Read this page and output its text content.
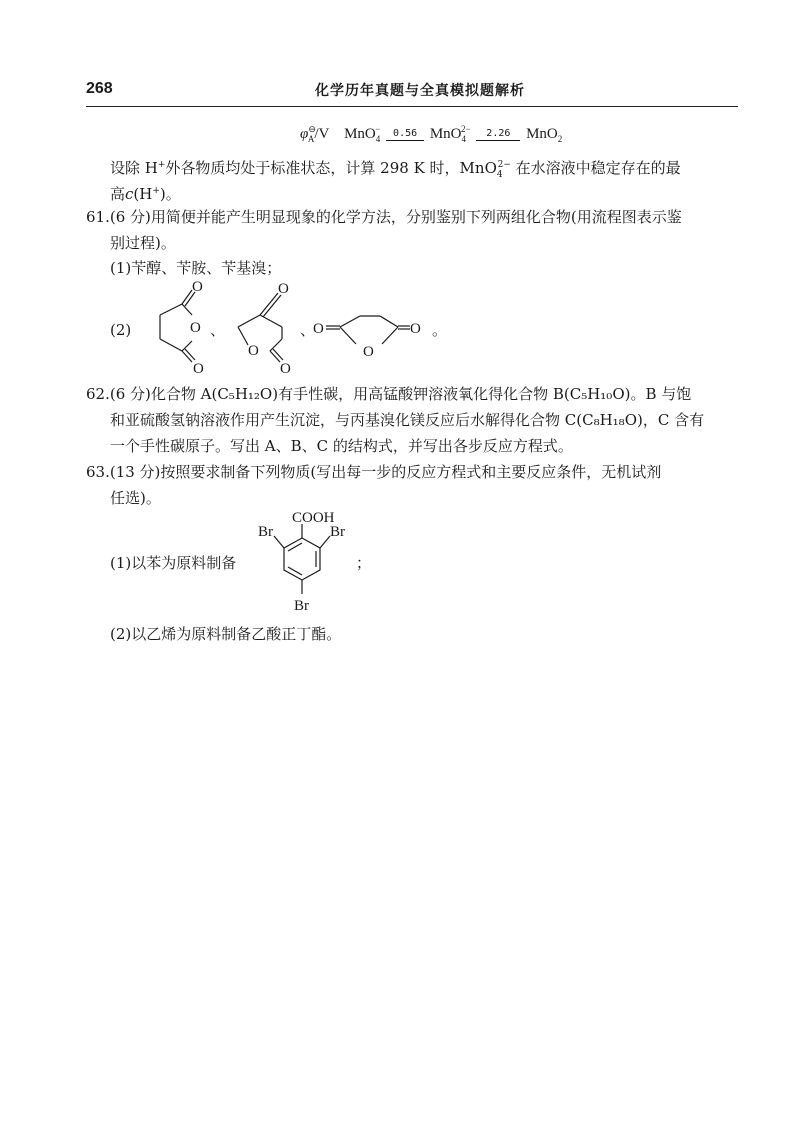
268	化学历年真题与全真模拟题解析
$\varphi^⊖_A/V$ MnO$_4$−	0.56 MnO$_4^{2-}$	2.26	MnO$_2$
设除 H+外各物质均处于标准状态，计算 298 K 时，MnO$_4^{2-}$ 在水溶液中稳定存在的最
高c(H+)。
61.(6 分)用简便并能产生明显现象的化学方法，分别鉴别下列两组化合物(用流程图表示鉴
别过程)。
(1)苄醇、苄胺、苄基溴；
(2)	O
O
O
、
O
O
O
、
O	O
O
。
62.(6 分)化合物 A(C₅H₁₂O)有手性碳，用高锰酸钾溶液氧化得化合物 B(C₅H₁₀O)。B 与饱
和亚硫酸氢钠溶液作用产生沉淀，与丙基溴化镁反应后水解得化合物 C(C₈H₁₈O)，C 含有
一个手性碳原子。写出 A、B、C 的结构式，并写出各步反应方程式。
63.(13 分)按照要求制备下列物质(写出每一步的反应方程式和主要反应条件，无机试剂
任选)。
(1)以苯为原料制备
COOH
Br	Br
Br
；
(2)以乙烯为原料制备乙酸正丁酯。
